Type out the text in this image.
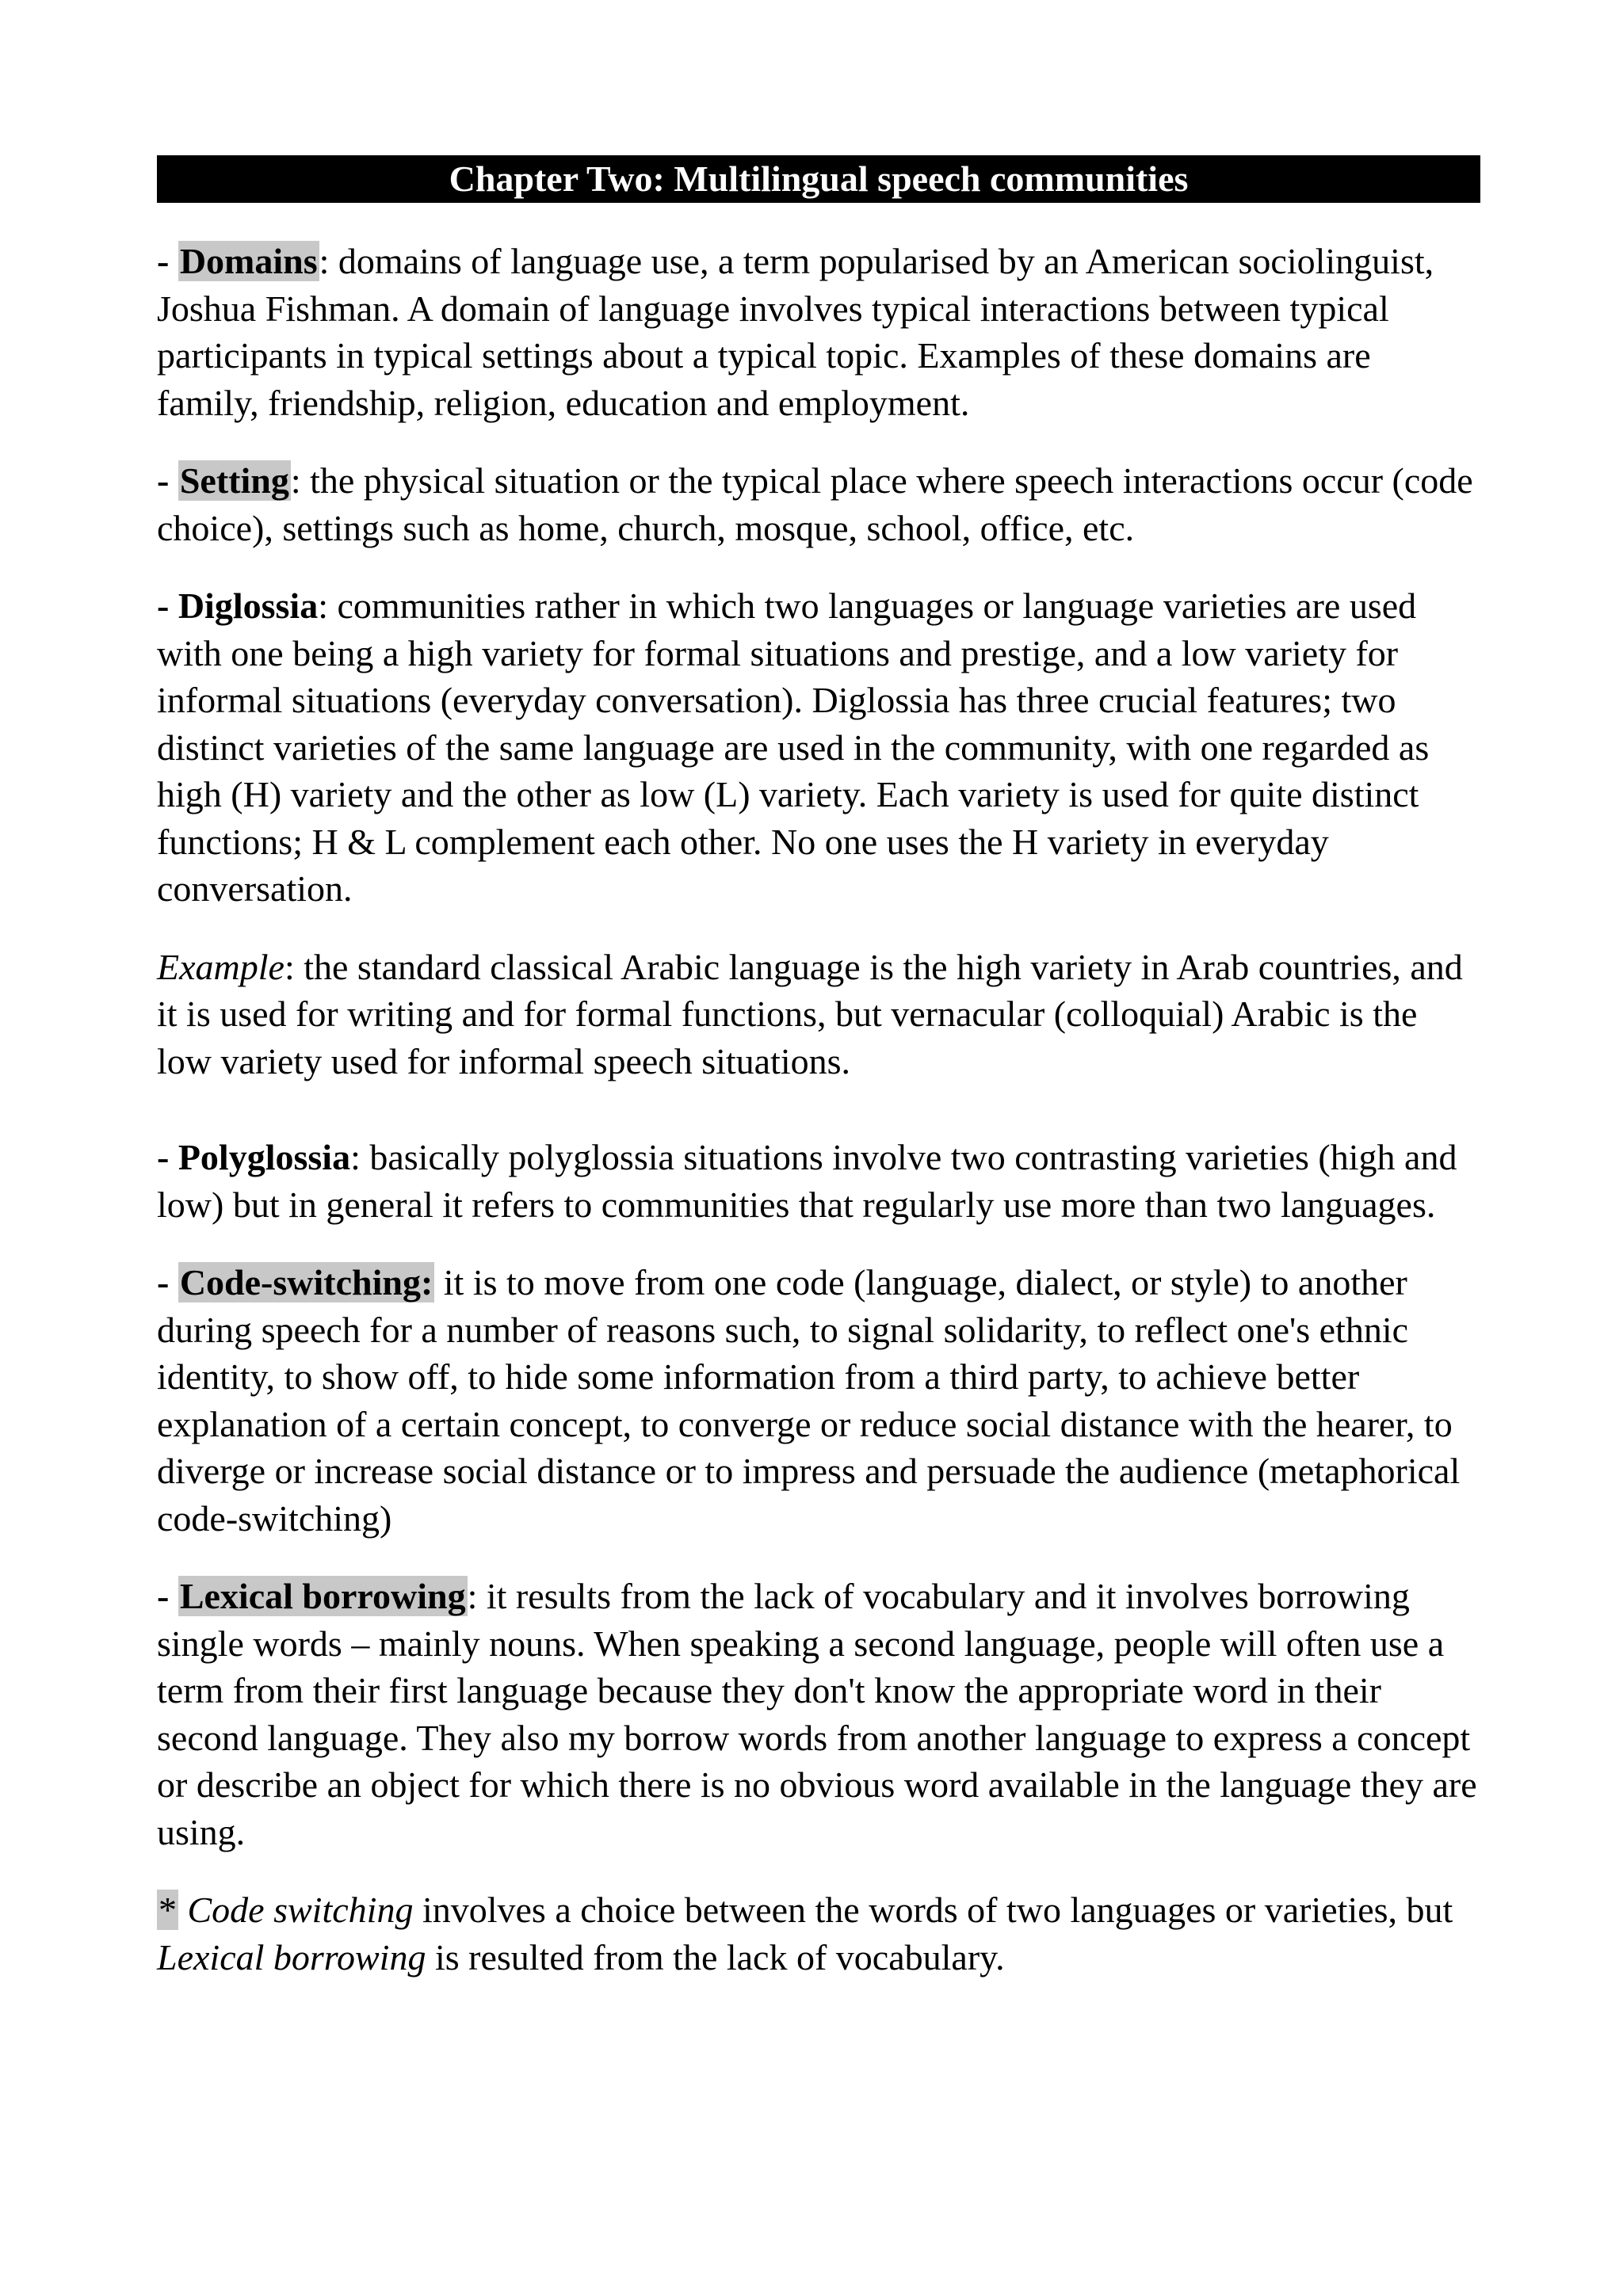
Chapter Two: Multilingual speech communities

- Domains: domains of language use, a term popularised by an American sociolinguist, Joshua Fishman. A domain of language involves typical interactions between typical participants in typical settings about a typical topic. Examples of these domains are family, friendship, religion, education and employment.

- Setting: the physical situation or the typical place where speech interactions occur (code choice), settings such as home, church, mosque, school, office, etc.

- Diglossia: communities rather in which two languages or language varieties are used with one being a high variety for formal situations and prestige, and a low variety for informal situations (everyday conversation). Diglossia has three crucial features; two distinct varieties of the same language are used in the community, with one regarded as high (H) variety and the other as low (L) variety. Each variety is used for quite distinct functions; H & L complement each other. No one uses the H variety in everyday conversation.

Example: the standard classical Arabic language is the high variety in Arab countries, and it is used for writing and for formal functions, but vernacular (colloquial) Arabic is the low variety used for informal speech situations.

- Polyglossia: basically polyglossia situations involve two contrasting varieties (high and low) but in general it refers to communities that regularly use more than two languages.

- Code-switching: it is to move from one code (language, dialect, or style) to another during speech for a number of reasons such, to signal solidarity, to reflect one's ethnic identity, to show off, to hide some information from a third party, to achieve better explanation of a certain concept, to converge or reduce social distance with the hearer, to diverge or increase social distance or to impress and persuade the audience (metaphorical code-switching)

- Lexical borrowing: it results from the lack of vocabulary and it involves borrowing single words – mainly nouns. When speaking a second language, people will often use a term from their first language because they don't know the appropriate word in their second language. They also my borrow words from another language to express a concept or describe an object for which there is no obvious word available in the language they are using.

* Code switching involves a choice between the words of two languages or varieties, but Lexical borrowing is resulted from the lack of vocabulary.
